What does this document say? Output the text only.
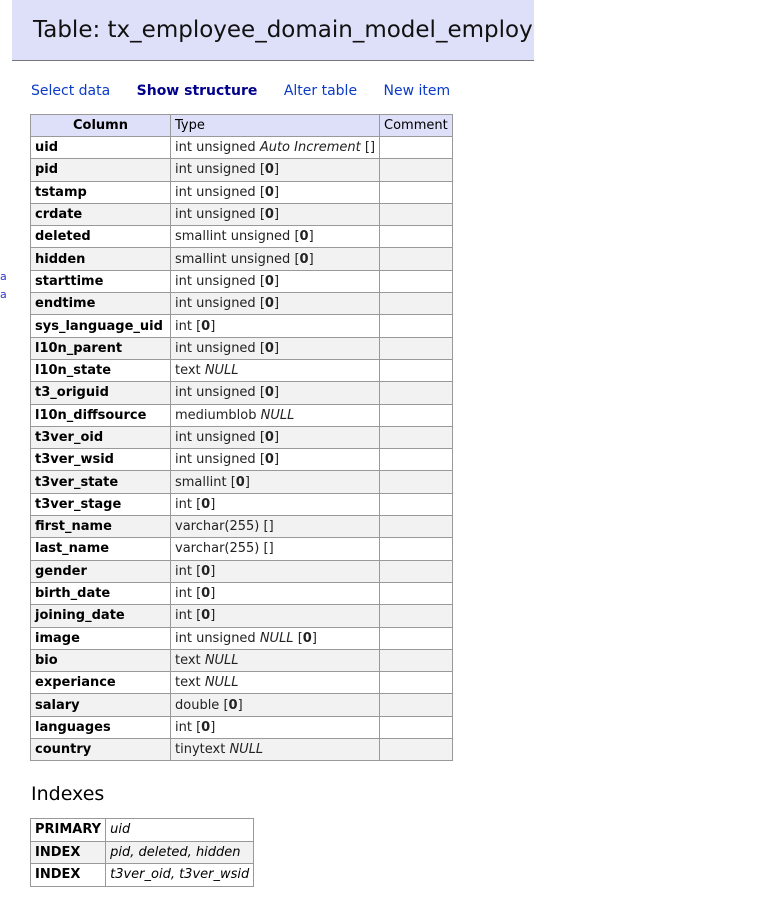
a
a
Table: tx_employee_domain_model_employ
Select data Show structure Alter table New item
Column	Type	Comment
uid	int unsigned Auto Increment []	
pid	int unsigned [0]	
tstamp	int unsigned [0]	
crdate	int unsigned [0]	
deleted	smallint unsigned [0]	
hidden	smallint unsigned [0]	
starttime	int unsigned [0]	
endtime	int unsigned [0]	
sys_language_uid	int [0]	
l10n_parent	int unsigned [0]	
l10n_state	text NULL	
t3_origuid	int unsigned [0]	
l10n_diffsource	mediumblob NULL	
t3ver_oid	int unsigned [0]	
t3ver_wsid	int unsigned [0]	
t3ver_state	smallint [0]	
t3ver_stage	int [0]	
first_name	varchar(255) []	
last_name	varchar(255) []	
gender	int [0]	
birth_date	int [0]	
joining_date	int [0]	
image	int unsigned NULL [0]	
bio	text NULL	
experiance	text NULL	
salary	double [0]	
languages	int [0]	
country	tinytext NULL	
Indexes
PRIMARY	uid
INDEX	pid, deleted, hidden
INDEX	t3ver_oid, t3ver_wsid
